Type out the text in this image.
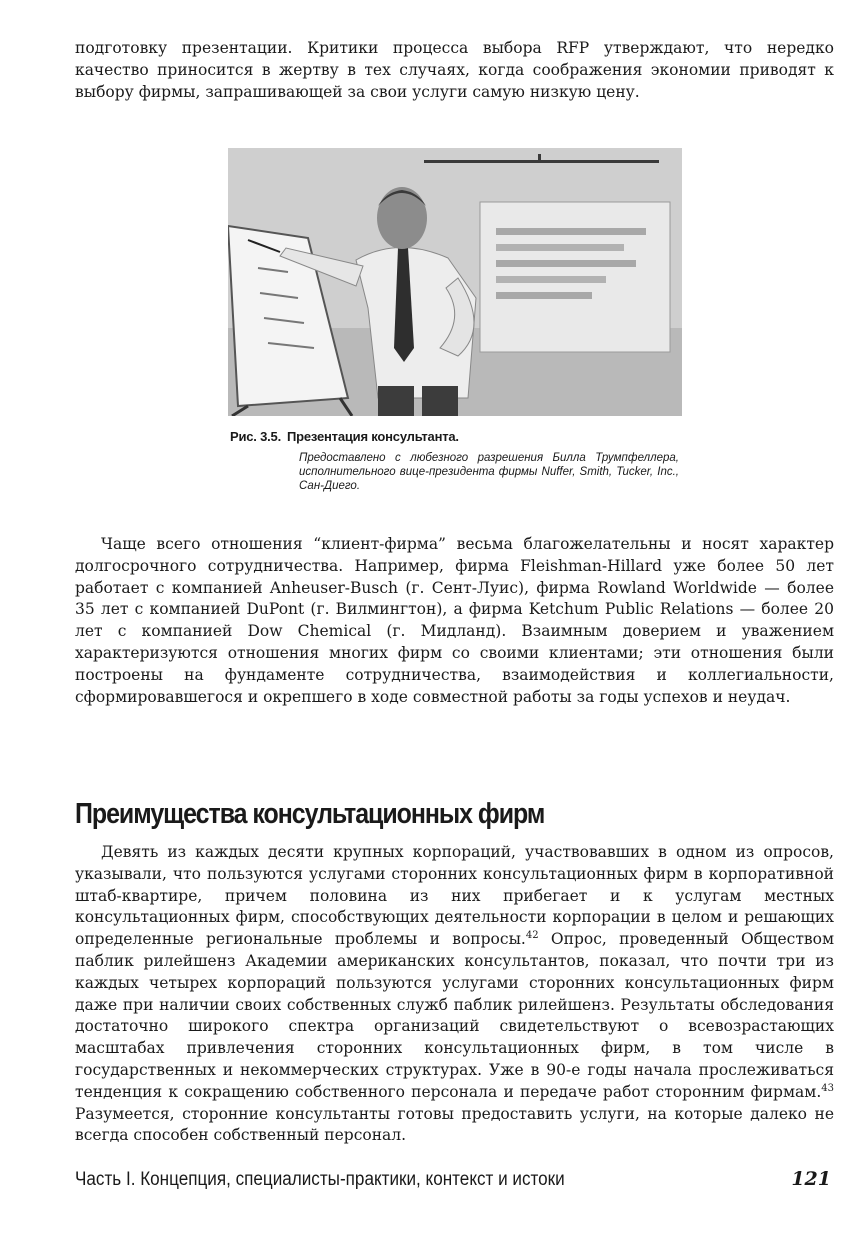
подготовку презентации. Критики процесса выбора RFP утверждают, что нередко качество приносится в жертву в тех случаях, когда соображения экономии приводят к выбору фирмы, запрашивающей за свои услуги самую низкую цену.

Рис. 3.5. Презентация консультанта.

Предоставлено с любезного разрешения Билла Трумпфеллера, исполнительного вице-президента фирмы Nuffer, Smith, Tucker, Inc., Сан-Диего.

Чаще всего отношения “клиент-фирма” весьма благожелательны и носят характер долгосрочного сотрудничества. Например, фирма Fleishman-Hillard уже более 50 лет работает с компанией Anheuser-Busch (г. Сент-Луис), фирма Rowland Worldwide — более 35 лет с компанией DuPont (г. Вилмингтон), а фирма Ketchum Public Relations — более 20 лет с компанией Dow Chemical (г. Мидланд). Взаимным доверием и уважением характеризуются отношения многих фирм со своими клиентами; эти отношения были построены на фундаменте сотрудничества, взаимодействия и коллегиальности, сформировавшегося и окрепшего в ходе совместной работы за годы успехов и неудач.

Преимущества консультационных фирм

Девять из каждых десяти крупных корпораций, участвовавших в одном из опросов, указывали, что пользуются услугами сторонних консультационных фирм в корпоративной штаб-квартире, причем половина из них прибегает и к услугам местных консультационных фирм, способствующих деятельности корпорации в целом и решающих определенные региональные проблемы и вопросы.$^{42}$ Опрос, проведенный Обществом паблик рилейшенз Академии американских консультантов, показал, что почти три из каждых четырех корпораций пользуются услугами сторонних консультационных фирм даже при наличии своих собственных служб паблик рилейшенз. Результаты обследования достаточно широкого спектра организаций свидетельствуют о всевозрастающих масштабах привлечения сторонних консультационных фирм, в том числе в государственных и некоммерческих структурах. Уже в 90-е годы начала прослеживаться тенденция к сокращению собственного персонала и передаче работ сторонним фирмам.$^{43}$ Разумеется, сторонние консультанты готовы предоставить услуги, на которые далеко не всегда способен собственный персонал.

Часть I. Концепция, специалисты-практики, контекст и истоки	121
